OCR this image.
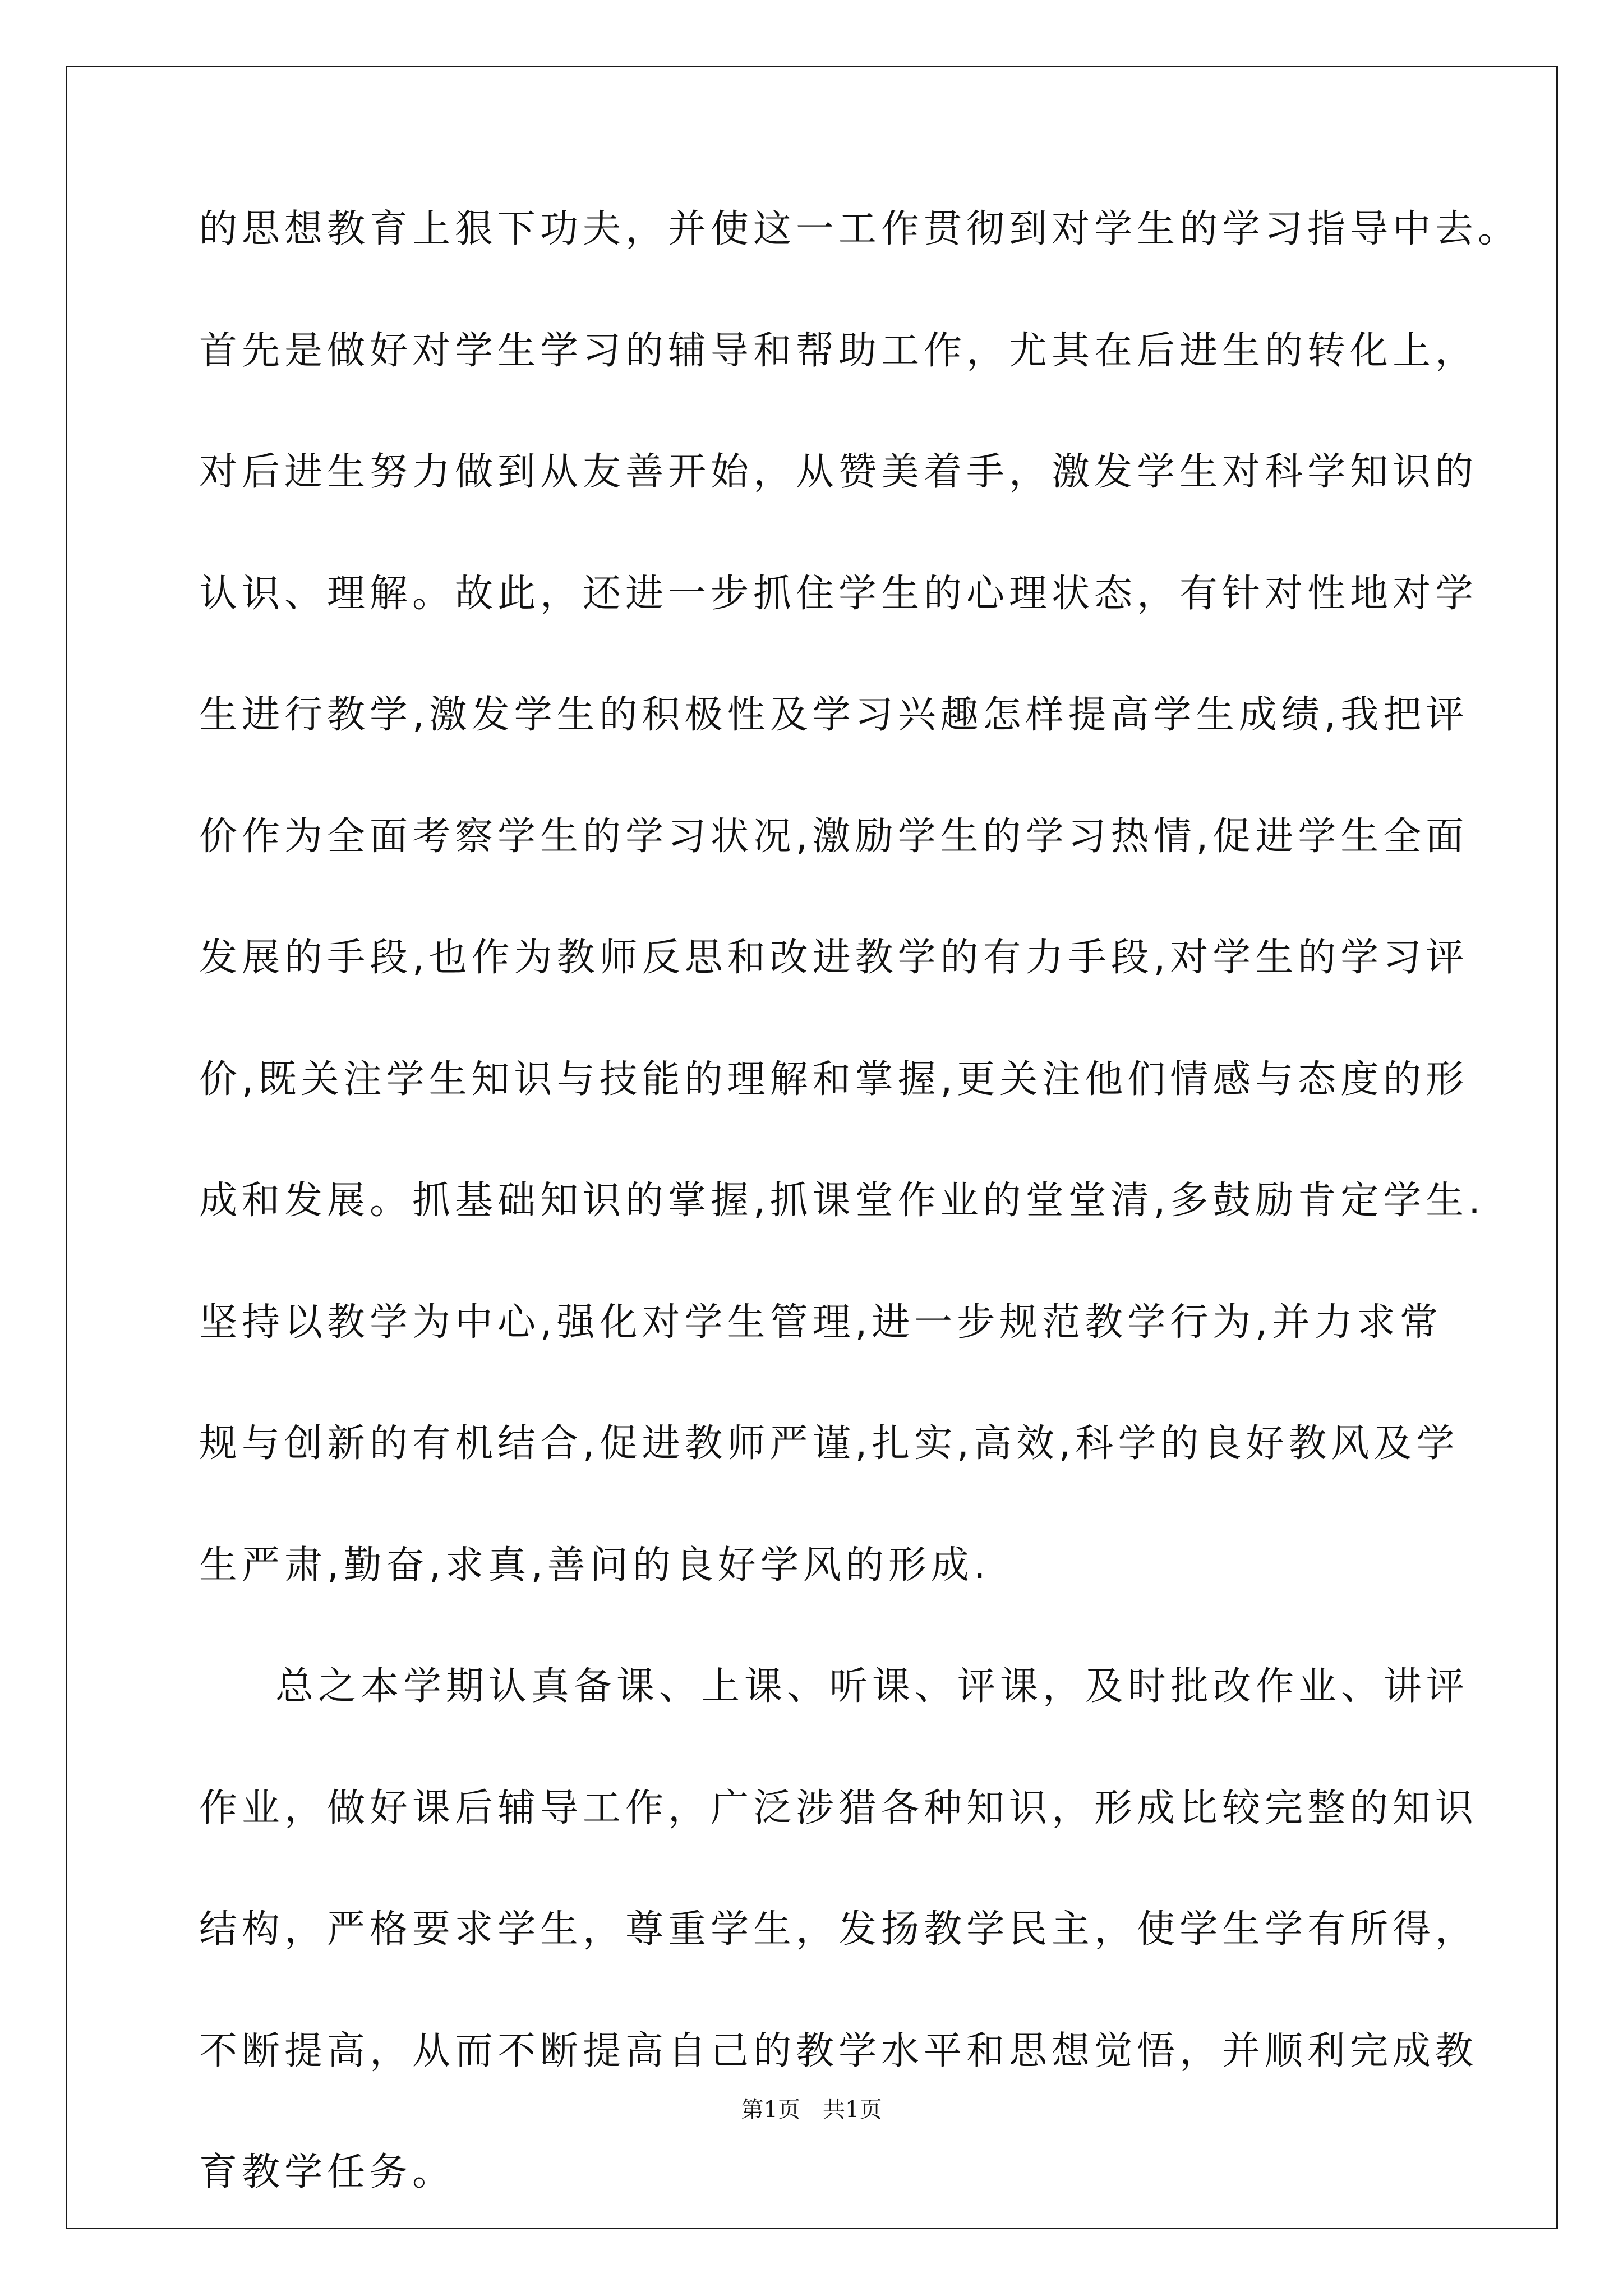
的思想教育上狠下功夫，并使这一工作贯彻到对学生的学习指导中去。
首先是做好对学生学习的辅导和帮助工作，尤其在后进生的转化上，
对后进生努力做到从友善开始，从赞美着手，激发学生对科学知识的
认识、理解。故此，还进一步抓住学生的心理状态，有针对性地对学
生进行教学,激发学生的积极性及学习兴趣怎样提高学生成绩,我把评
价作为全面考察学生的学习状况,激励学生的学习热情,促进学生全面
发展的手段,也作为教师反思和改进教学的有力手段,对学生的学习评
价,既关注学生知识与技能的理解和掌握,更关注他们情感与态度的形
成和发展。抓基础知识的掌握,抓课堂作业的堂堂清,多鼓励肯定学生.
坚持以教学为中心,强化对学生管理,进一步规范教学行为,并力求常
规与创新的有机结合,促进教师严谨,扎实,高效,科学的良好教风及学
生严肃,勤奋,求真,善问的良好学风的形成.
总之本学期认真备课、上课、听课、评课，及时批改作业、讲评
作业，做好课后辅导工作，广泛涉猎各种知识，形成比较完整的知识
结构，严格要求学生，尊重学生，发扬教学民主，使学生学有所得，
不断提高，从而不断提高自己的教学水平和思想觉悟，并顺利完成教
育教学任务。
第1页　共1页
